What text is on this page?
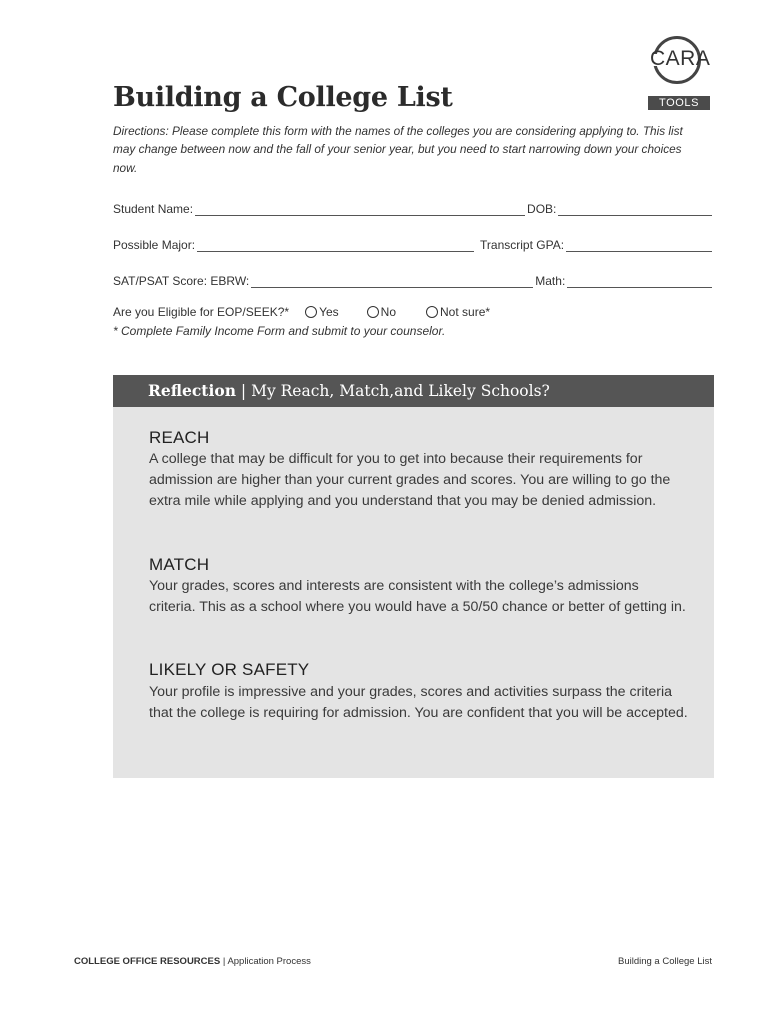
CARA
TOOLS
Building a College List
Directions: Please complete this form with the names of the colleges you are considering applying to. This list may change between now and the fall of your senior year, but you need to start narrowing down your choices now.
Student Name:	DOB:
Possible Major:	Transcript GPA:
SAT/PSAT Score: EBRW:	Math:
Are you Eligible for EOP/SEEK?*	Yes	No	Not sure*
* Complete Family Income Form and submit to your counselor.
Reflection | My Reach, Match,and Likely Schools?
REACH
A college that may be difficult for you to get into because their requirements for admission are higher than your current grades and scores. You are willing to go the extra mile while applying and you understand that you may be denied admission.
MATCH
Your grades, scores and interests are consistent with the college’s admissions criteria. This as a school where you would have a 50/50 chance or better of getting in.
LIKELY OR SAFETY
Your profile is impressive and your grades, scores and activities surpass the criteria that the college is requiring for admission. You are confident that you will be accepted.
COLLEGE OFFICE RESOURCES | Application Process	Building a College List
